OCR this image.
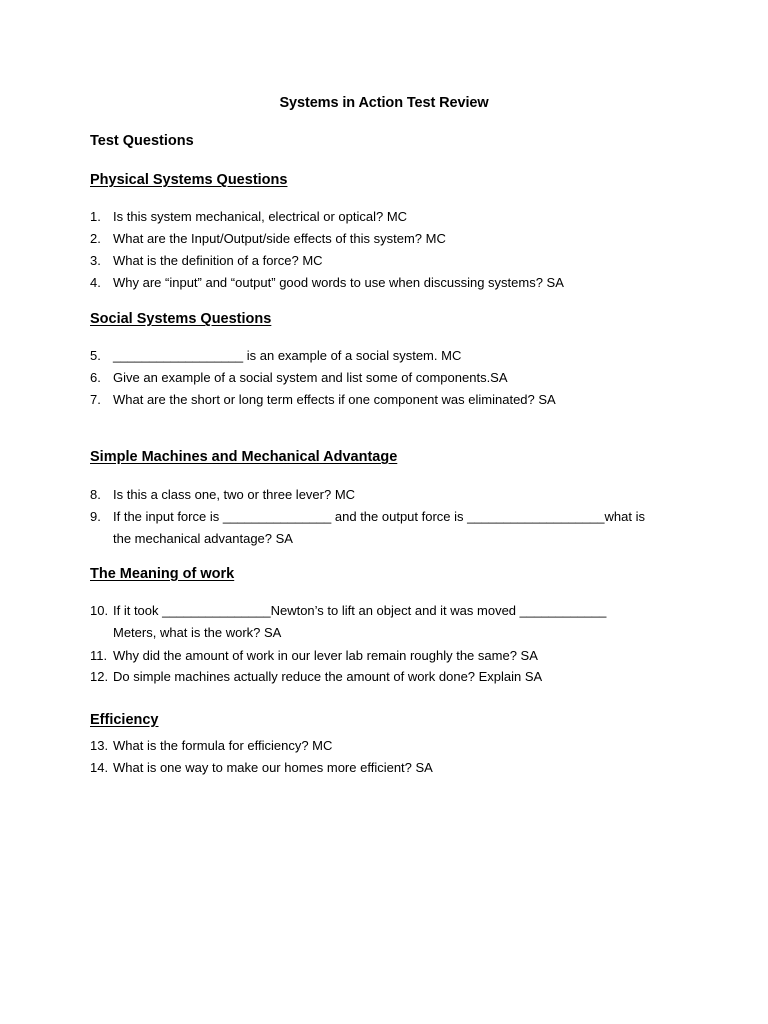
Systems in Action Test Review
Test Questions
Physical Systems Questions
1. Is this system mechanical, electrical or optical? MC
2. What are the Input/Output/side effects of this system? MC
3. What is the definition of a force? MC
4. Why are “input” and “output” good words to use when discussing systems? SA
Social Systems Questions
5. __________________ is an example of a social system. MC
6. Give an example of a social system and list some of components.SA
7. What are the short or long term effects if one component was eliminated? SA
Simple Machines and Mechanical Advantage
8. Is this a class one, two or three lever? MC
9. If the input force is _______________ and the output force is ___________________what is
the mechanical advantage? SA
The Meaning of work
10. If it took _______________Newton’s to lift an object and it was moved ____________
Meters, what is the work? SA
11. Why did the amount of work in our lever lab remain roughly the same? SA
12. Do simple machines actually reduce the amount of work done? Explain SA
Efficiency
13. What is the formula for efficiency? MC
14. What is one way to make our homes more efficient? SA
